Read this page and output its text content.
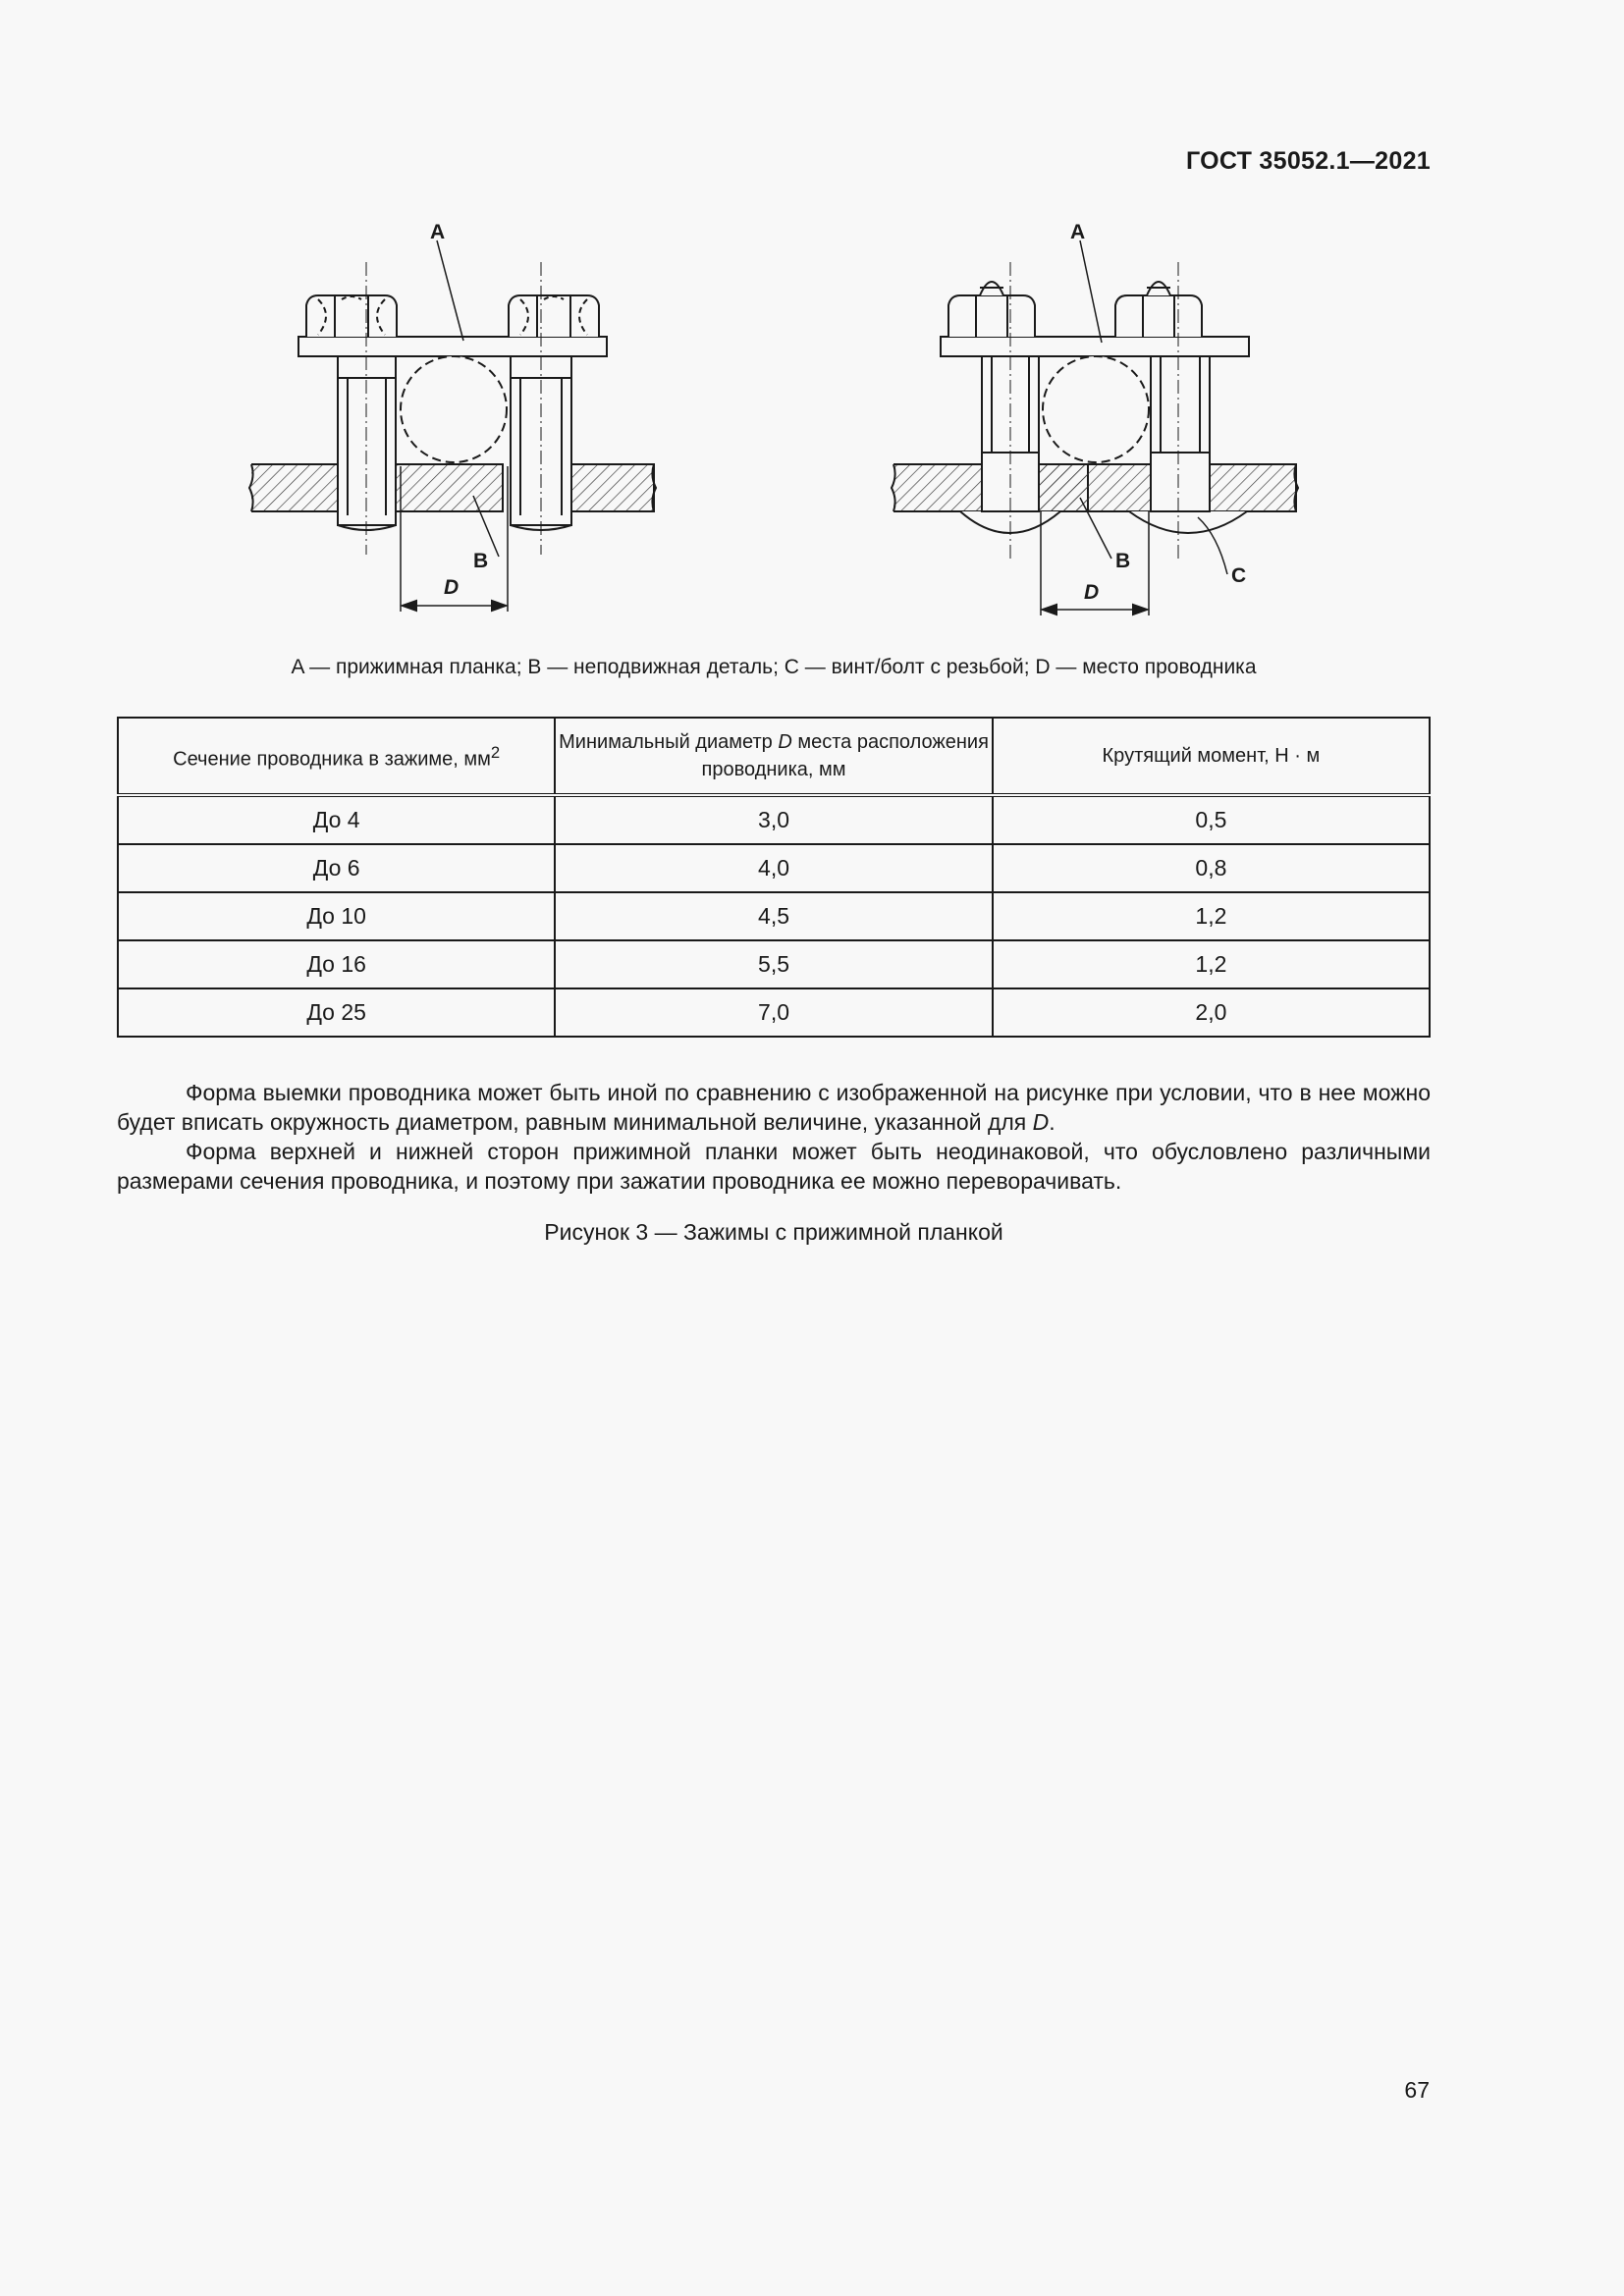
ГОСТ 35052.1—2021
A
B
D
A
B
C
D
A — прижимная планка; B — неподвижная деталь; C — винт/болт с резьбой; D — место проводника
Сечение проводника в зажиме, $мм^2$	Минимальный диаметр D места расположения проводника, мм	Крутящий момент, Н · м
До 4	3,0	0,5
До 6	4,0	0,8
До 10	4,5	1,2
До 16	5,5	1,2
До 25	7,0	2,0

Форма выемки проводника может быть иной по сравнению с изображенной на рисунке при условии, что в нее можно будет вписать окружность диаметром, равным минимальной величине, указанной для D.

Форма верхней и нижней сторон прижимной планки может быть неодинаковой, что обусловлено различными размерами сечения проводника, и поэтому при зажатии проводника ее можно переворачивать.

Рисунок 3 — Зажимы с прижимной планкой
67
